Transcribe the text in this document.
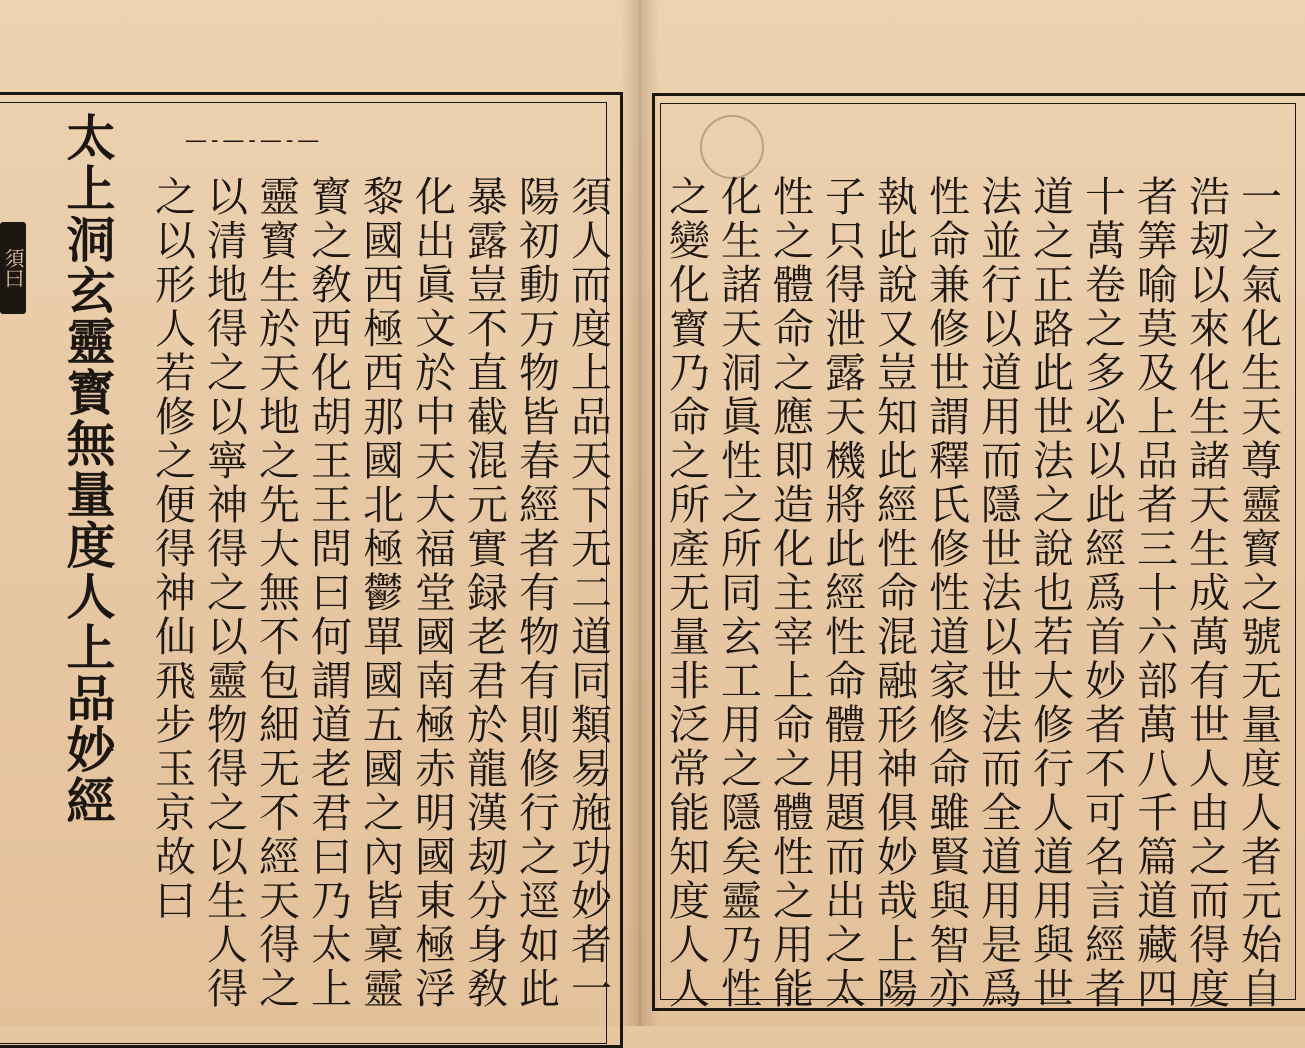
—‑—‑—‑—
須曰 太上洞玄靈寳無量度人上品妙經	須人而度上品天下无二道同類易施功妙者一
陽初動万物皆春經者有物有則修行之逕如此
暴露豈不直截混元實録老君於龍漢刼分身敎
化出眞文於中天大福堂國南極赤明國東極浮
黎國西極西那國北極鬱單國五國之內皆稟靈
寳之敎西化胡王王問曰何謂道老君曰乃太上
靈寳生於天地之先大無不包細无不經天得之
以清地得之以寧神得之以靈物得之以生人得
之以形人若修之便得神仙飛步玉京故曰	一之氣化生天尊靈寳之號无量度人者元始自
浩刼以來化生諸天生成萬有世人由之而得度
者筭喻莫及上品者三十六部萬八千篇道藏四
十萬卷之多必以此經爲首妙者不可名言經者
道之正路此世法之說也若大修行人道用與世
法並行以道用而隱世法以世法而全道用是爲
性命兼修世謂釋氏修性道家修命雖賢與智亦
執此說又豈知此經性命混融形神俱妙哉上陽
子只得泄露天機將此經性命體用題而出之太
性之體命之應即造化主宰上命之體性之用能
化生諸天洞眞性之所同玄工用之隱矣靈乃性
之變化寳乃命之所產无量非泛常能知度人人
